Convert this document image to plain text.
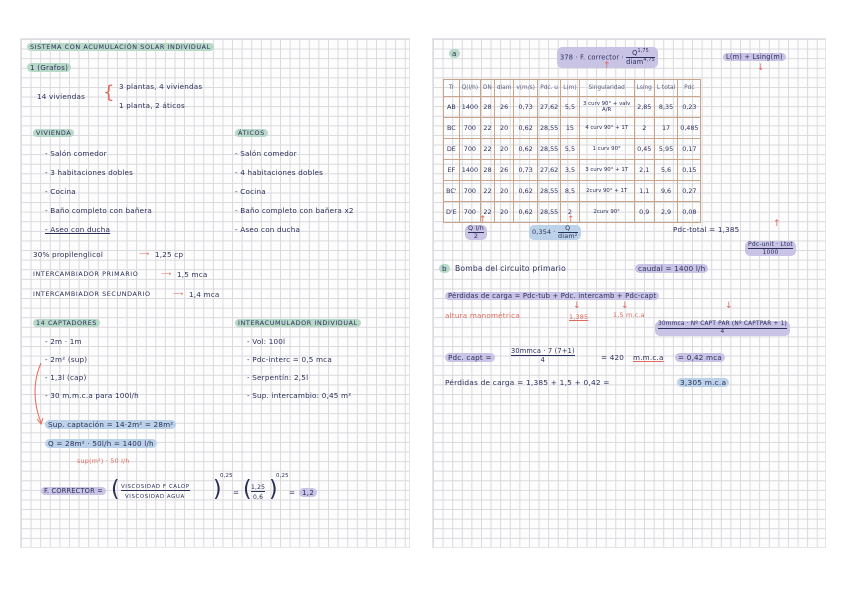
SISTEMA CON ACUMULACIÓN SOLAR INDIVIDUAL
1 (Grafos)
14 viviendas { 3 plantas, 4 viviendas
1 planta, 2 áticos
VIVIENDA
- Salón comedor
- 3 habitaciones dobles
- Cocina
- Baño completo con bañera
- Aseo con ducha
ÁTICOS
- Salón comedor
- 4 habitaciones dobles
- Cocina
- Baño completo con bañera x2
- Aseo con ducha
30% propilenglicol	⟶ 1,25 cp
INTERCAMBIADOR PRIMARIO	⟶ 1,5 mca
INTERCAMBIADOR SECUNDARIO	⟶ 1,4 mca
14 CAPTADORES
- 2m · 1m
- 2m² (sup)
- 1,3l (cap)
- 30 m.m.c.a para 100l/h
INTERACUMULADOR INDIVIDUAL
- Vol: 100l
- Pdc-interc = 0,5 mca
- Serpentín: 2,5l
- Sup. intercambio: 0,45 m²
Sup. captación = 14·2m² = 28m²
Q = 28m² · 50l/h = 1400 l/h
sup(m²) · 50 l/h
F. CORRECTOR = ( VISCOSIDAD F CALOP
VISCOSIDAD AGUA )
0,25
= ( 1,25
0,6 )
0,25
= 1,2
a	378 · F. corrector ·
Q$^{1,75}$
diam$^{4,75}$
↑
L(m) + Lsing(m)
↓
Tr	Q(l/h)	DN	diam	v(m/s)	Pdc. u	L(m)	Singularidad	Lsing	L total	Pdc
AB	1400	28	26	0,73	27,62	5,5	3 curv 90° + valv A/R	2,85	8,35	0,23
BC	700	22	20	0,62	28,55	15	4 curv 90° + 1T	2	17	0,485
DE	700	22	20	0,62	28,55	5,5	1 curv 90°	0,45	5,95	0,17
EF	1400	28	26	0,73	27,62	3,5	3 curv 90° + 1T	2,1	5,6	0,15
BC'	700	22	20	0,62	28,55	8,5	2curv 90° + 1T	1,1	9,6	0,27
D'E	700	22	20	0,62	28,55	2	2curv 90°	0,9	2,9	0,08
↑
$\frac{\text{Q l/h}}{2}$	0,354 ·	Q
diam²
↑
Pdc-total = 1,385
↑
Pdc-unit · Ltot
1000
b	Bomba del circuito primario	caudal = 1400 l/h
Pérdidas de carga = Pdc-tub + Pdc. intercamb + Pdc-capt
altura manométrica
↓
1,385
↓
1,5 m.c.a
↓
30mmca · Nº CAPT PAR (Nº CAPTPAR + 1)
4
Pdc. capt =
30mmca · 7 (7+1)
4	= 420 m.m.c.a	= 0,42 mca
Pérdidas de carga = 1,385 + 1,5 + 0,42 =	3,305 m.c.a
